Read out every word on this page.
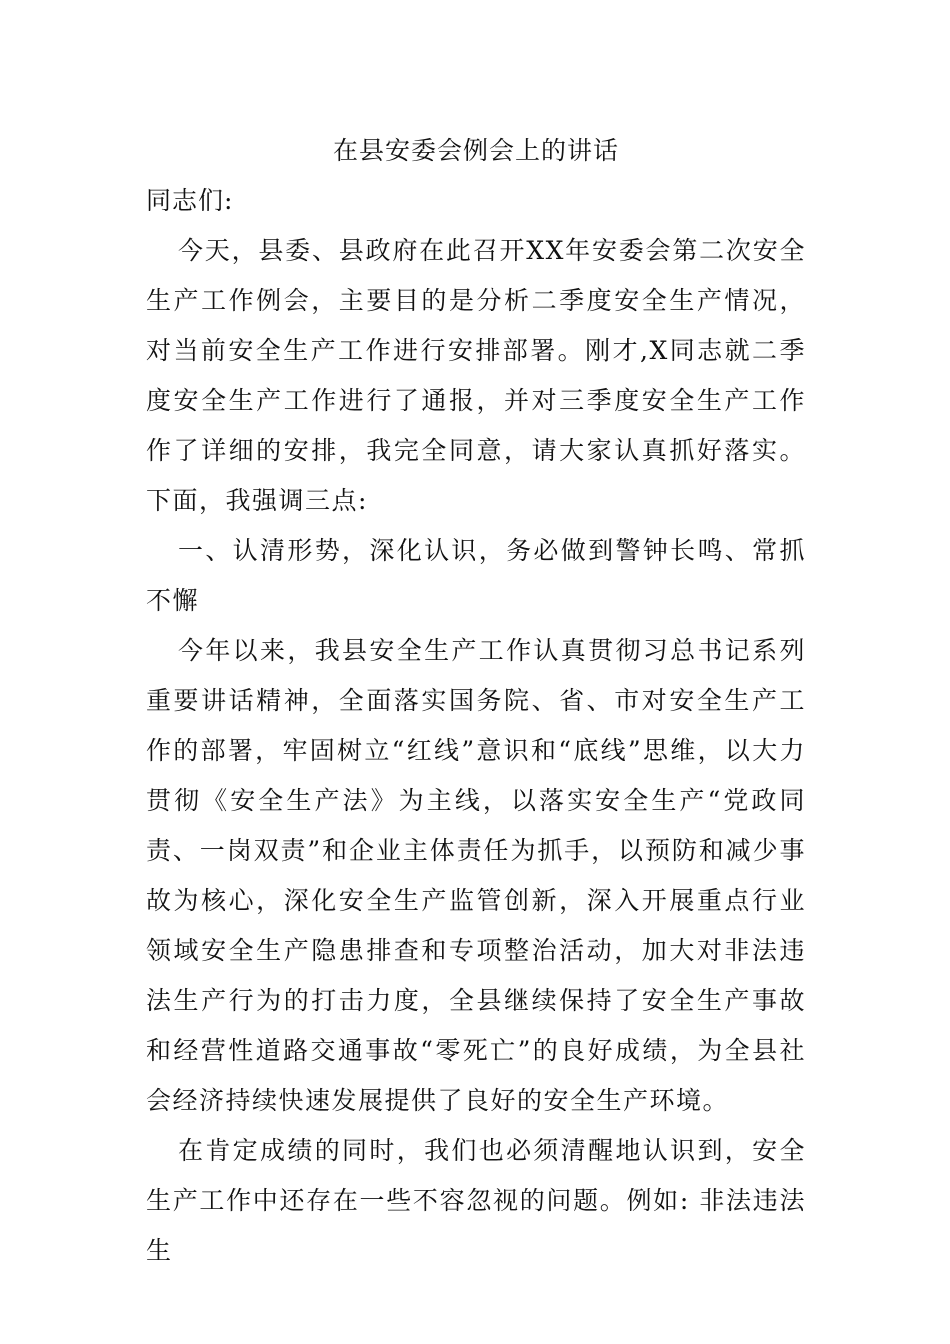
在县安委会例会上的讲话

同志们:

今天，县委、县政府在此召开XX年安委会第二次安全生产工作例会，主要目的是分析二季度安全生产情况，对当前安全生产工作进行安排部署。刚才,X同志就二季度安全生产工作进行了通报，并对三季度安全生产工作作了详细的安排，我完全同意，请大家认真抓好落实。下面，我强调三点:

一、认清形势，深化认识，务必做到警钟长鸣、常抓不懈

今年以来，我县安全生产工作认真贯彻习总书记系列重要讲话精神，全面落实国务院、省、市对安全生产工作的部署，牢固树立“红线”意识和“底线”思维，以大力贯彻《安全生产法》为主线，以落实安全生产“党政同责、一岗双责”和企业主体责任为抓手，以预防和减少事故为核心，深化安全生产监管创新，深入开展重点行业领域安全生产隐患排查和专项整治活动，加大对非法违法生产行为的打击力度，全县继续保持了安全生产事故和经营性道路交通事故“零死亡”的良好成绩，为全县社会经济持续快速发展提供了良好的安全生产环境。

在肯定成绩的同时，我们也必须清醒地认识到，安全生产工作中还存在一些不容忽视的问题。例如: 非法违法生
